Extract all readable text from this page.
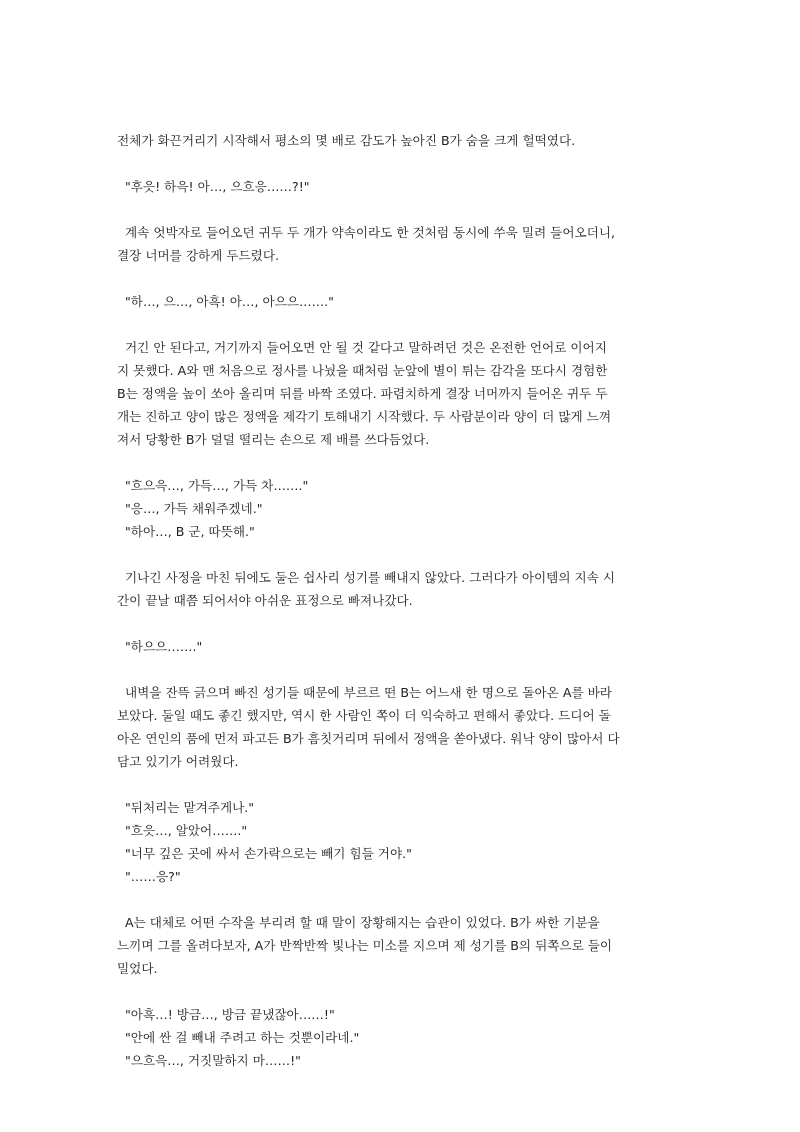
전체가 화끈거리기 시작해서 평소의 몇 배로 감도가 높아진 B가 숨을 크게 헐떡였다.
"후읏! 하윽! 아…, 으흐응……?!"
계속 엇박자로 들어오던 귀두 두 개가 약속이라도 한 것처럼 동시에 쑤욱 밀려 들어오더니,
결장 너머를 강하게 두드렸다.
"하…, 으…, 아흑! 아…, 아으으……."
거긴 안 된다고, 거기까지 들어오면 안 될 것 같다고 말하려던 것은 온전한 언어로 이어지
지 못했다. A와 맨 처음으로 정사를 나눴을 때처럼 눈앞에 별이 튀는 감각을 또다시 경험한
B는 정액을 높이 쏘아 올리며 뒤를 바짝 조였다. 파렴치하게 결장 너머까지 들어온 귀두 두
개는 진하고 양이 많은 정액을 제각기 토해내기 시작했다. 두 사람분이라 양이 더 많게 느껴
져서 당황한 B가 덜덜 떨리는 손으로 제 배를 쓰다듬었다.
"흐으윽…, 가득…, 가득 차……."
"응…, 가득 채워주겠네."
"하아…, B 군, 따뜻해."
기나긴 사정을 마친 뒤에도 둘은 쉽사리 성기를 빼내지 않았다. 그러다가 아이템의 지속 시
간이 끝날 때쯤 되어서야 아쉬운 표정으로 빠져나갔다.
"하으으……."
내벽을 잔뜩 긁으며 빠진 성기들 때문에 부르르 떤 B는 어느새 한 명으로 돌아온 A를 바라
보았다. 둘일 때도 좋긴 했지만, 역시 한 사람인 쪽이 더 익숙하고 편해서 좋았다. 드디어 돌
아온 연인의 품에 먼저 파고든 B가 흠칫거리며 뒤에서 정액을 쏟아냈다. 워낙 양이 많아서 다
담고 있기가 어려웠다.
"뒤처리는 맡겨주게나."
"흐읏…, 알았어……."
"너무 깊은 곳에 싸서 손가락으로는 빼기 힘들 거야."
"……응?"
A는 대체로 어떤 수작을 부리려 할 때 말이 장황해지는 습관이 있었다. B가 싸한 기분을
느끼며 그를 올려다보자, A가 반짝반짝 빛나는 미소를 지으며 제 성기를 B의 뒤쪽으로 들이
밀었다.
"아흑…! 방금…, 방금 끝냈잖아……!"
"안에 싼 걸 빼내 주려고 하는 것뿐이라네."
"으흐윽…, 거짓말하지 마……!"
